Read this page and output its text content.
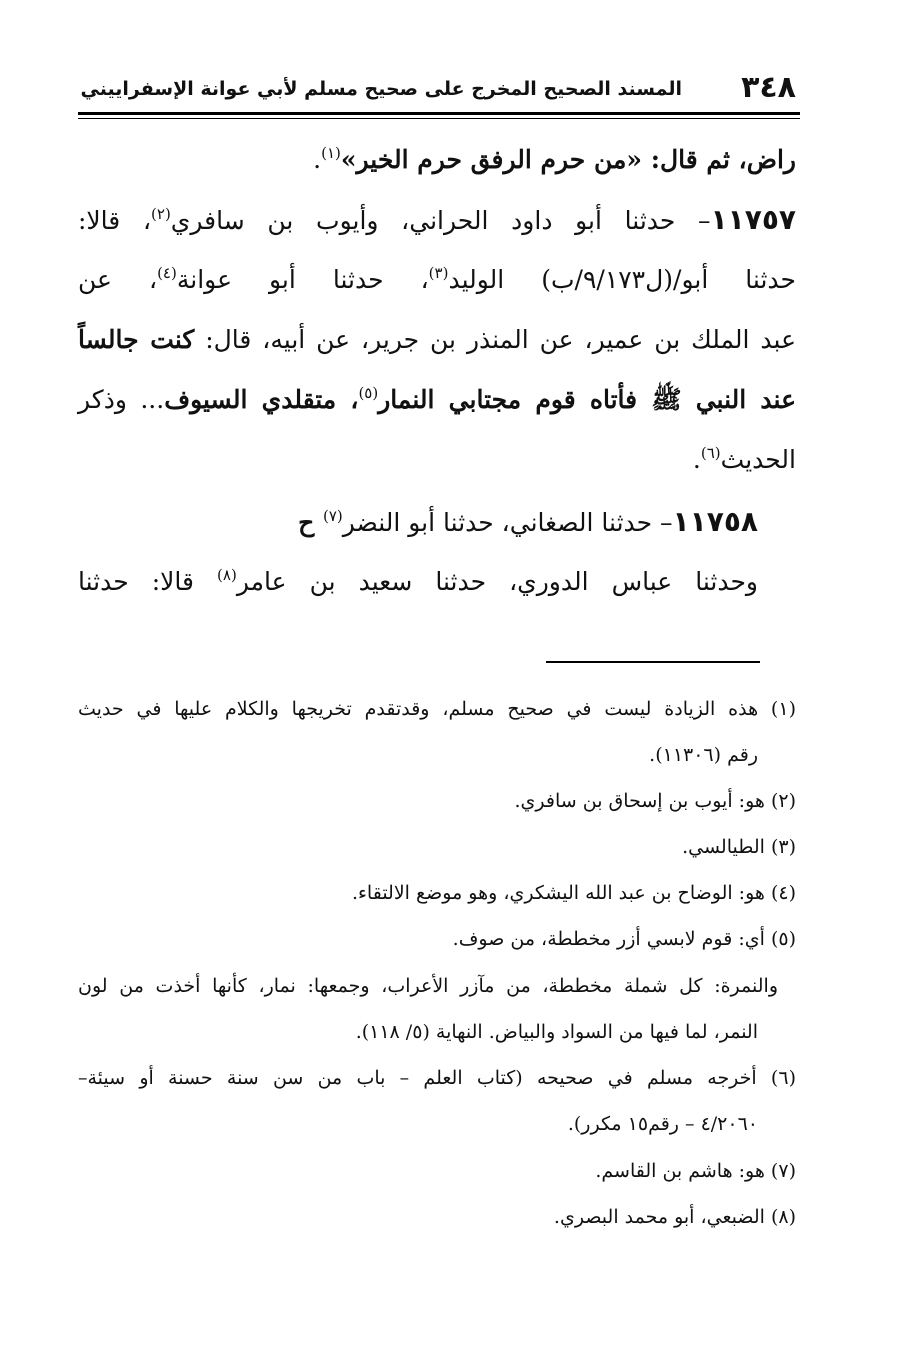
٣٤٨
المسند الصحيح المخرج على صحيح مسلم لأبي عوانة الإسفراييني
راض، ثم قال: «من حرم الرفق حرم الخير»$^{(١)}$.
١١٧٥٧– حدثنا أبو داود الحراني، وأيوب بن سافري$^{(٢)}$، قالا:
حدثنا أبو/(ل٩/١٧٣/ب) الوليد$^{(٣)}$، حدثنا أبو عوانة$^{(٤)}$، عن
عبد الملك بن عمير، عن المنذر بن جرير، عن أبيه، قال: كنت جالساً
عند النبي ﷺ فأتاه قوم مجتابي النمار$^{(٥)}$، متقلدي السيوف... وذكر
الحديث$^{(٦)}$.
١١٧٥٨– حدثنا الصغاني، حدثنا أبو النضر$^{(٧)}$ ح
وحدثنا عباس الدوري، حدثنا سعيد بن عامر$^{(٨)}$ قالا: حدثنا
(١) هذه الزيادة ليست في صحيح مسلم، وقدتقدم تخريجها والكلام عليها في حديث
رقم (١١٣٠٦).
(٢) هو: أيوب بن إسحاق بن سافري.
(٣) الطيالسي.
(٤) هو: الوضاح بن عبد الله اليشكري، وهو موضع الالتقاء.
(٥) أي: قوم لابسي أزر مخططة، من صوف.
والنمرة: كل شملة مخططة، من مآزر الأعراب، وجمعها: نمار، كأنها أخذت من لون
النمر، لما فيها من السواد والبياض. النهاية (٥/ ١١٨).
(٦) أخرجه مسلم في صحيحه (كتاب العلم – باب من سن سنة حسنة أو سيئة–
٤/٢٠٦٠ – رقم١٥ مكرر).
(٧) هو: هاشم بن القاسم.
(٨) الضبعي، أبو محمد البصري.
